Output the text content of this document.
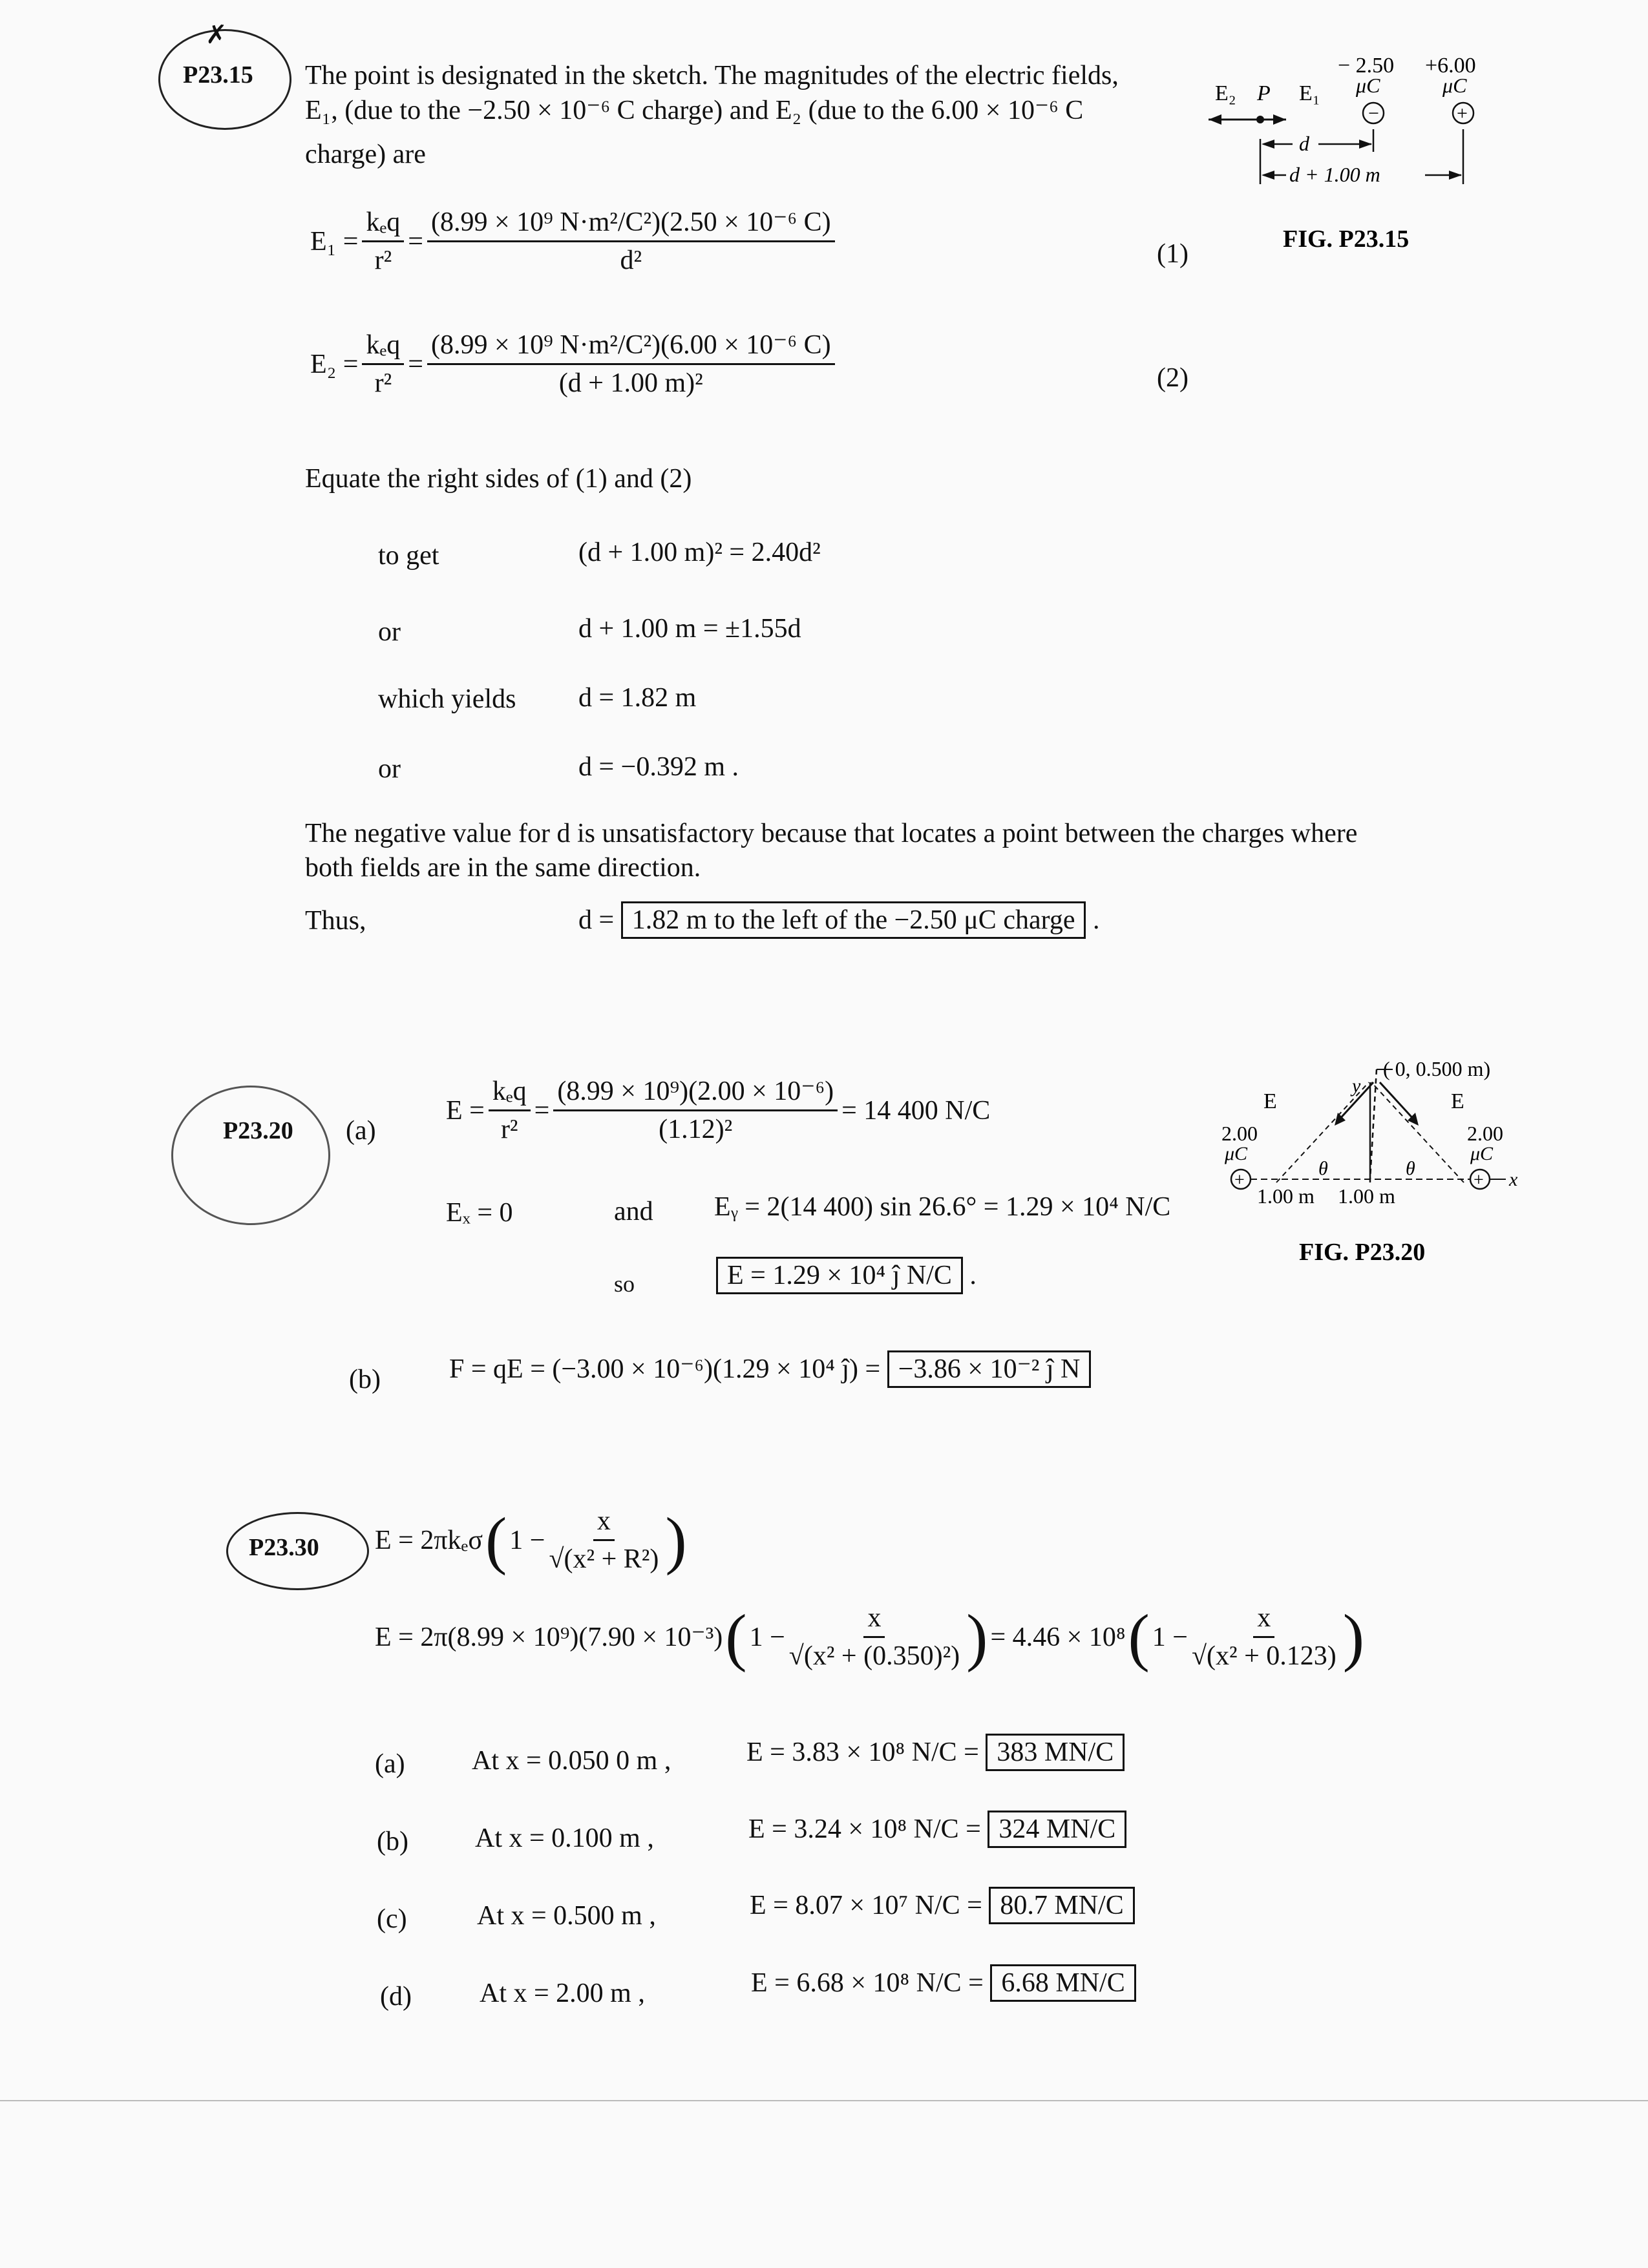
✗
P23.15 The point is designated in the sketch. The magnitudes of the electric fields,
E₁, (due to the −2.50 × 10⁻⁶ C charge) and E₂ (due to the 6.00 × 10⁻⁶ C
charge) are
$E_1 = \frac{\text{kₑq}}{\text{r²}} = \frac{\text{(8.99 × 10⁹ N·m²/C²)(2.50 × 10⁻⁶ C)}}{\text{d²}}$	(1)
$E_2 = \frac{\text{kₑq}}{\text{r²}} = \frac{\text{(8.99 × 10⁹ N·m²/C²)(6.00 × 10⁻⁶ C)}}{\text{(d + 1.00 m)²}}$	(2)
Equate the right sides of (1) and (2)
to get	(d + 1.00 m)² = 2.40d²
or	d + 1.00 m = ±1.55d
which yields d = 1.82 m
or	d = −0.392 m .
The negative value for d is unsatisfactory because that locates a point between the charges where
both fields are in the same direction.
Thus,	d = 1.82 m to the left of the −2.50 μC charge .
− 2.50
μC
+6.00
μC
E₂ P E₁
−	+
d
d + 1.00 m
FIG. P23.15
P23.20 (a)
$E = \frac{\text{kₑq}}{\text{r²}} = \frac{\text{(8.99 × 10⁹)(2.00 × 10⁻⁶)}}{\text{(1.12)²}} = 14$ 400 N/C
Eₓ = 0	and Eᵧ = 2(14 400) sin 26.6° = 1.29 × 10⁴ N/C
so	E = 1.29 × 10⁴ ĵ N/C .
(b)	F = qE = (−3.00 × 10⁻⁶)(1.29 × 10⁴ ĵ) = −3.86 × 10⁻² ĵ N
( 0, 0.500 m)
y
E	E
2.00
μC
2.00
μC
+	+ x
θ	θ
1.00 m 1.00 m
FIG. P23.20
P23.30 E = 2πkₑσ ( $1 - \frac{x}{\text{√(x² + R²)}}$ )
E = 2π(8.99 × 10⁹)(7.90 × 10⁻³) ( $1 - \frac{x}{\text{√(x² + (0.350)²)}}$ ) = 4.46 × 10⁸ ( $1 - \frac{x}{\text{√(x² + 0.123)}}$ )
(a) At x = 0.050 0 m ,	E = 3.83 × 10⁸ N/C = 383 MN/C
(b) At x = 0.100 m ,	E = 3.24 × 10⁸ N/C = 324 MN/C
(c)	At x = 0.500 m ,	E = 8.07 × 10⁷ N/C = 80.7 MN/C
(d)	At x = 2.00 m ,	E = 6.68 × 10⁸ N/C = 6.68 MN/C
